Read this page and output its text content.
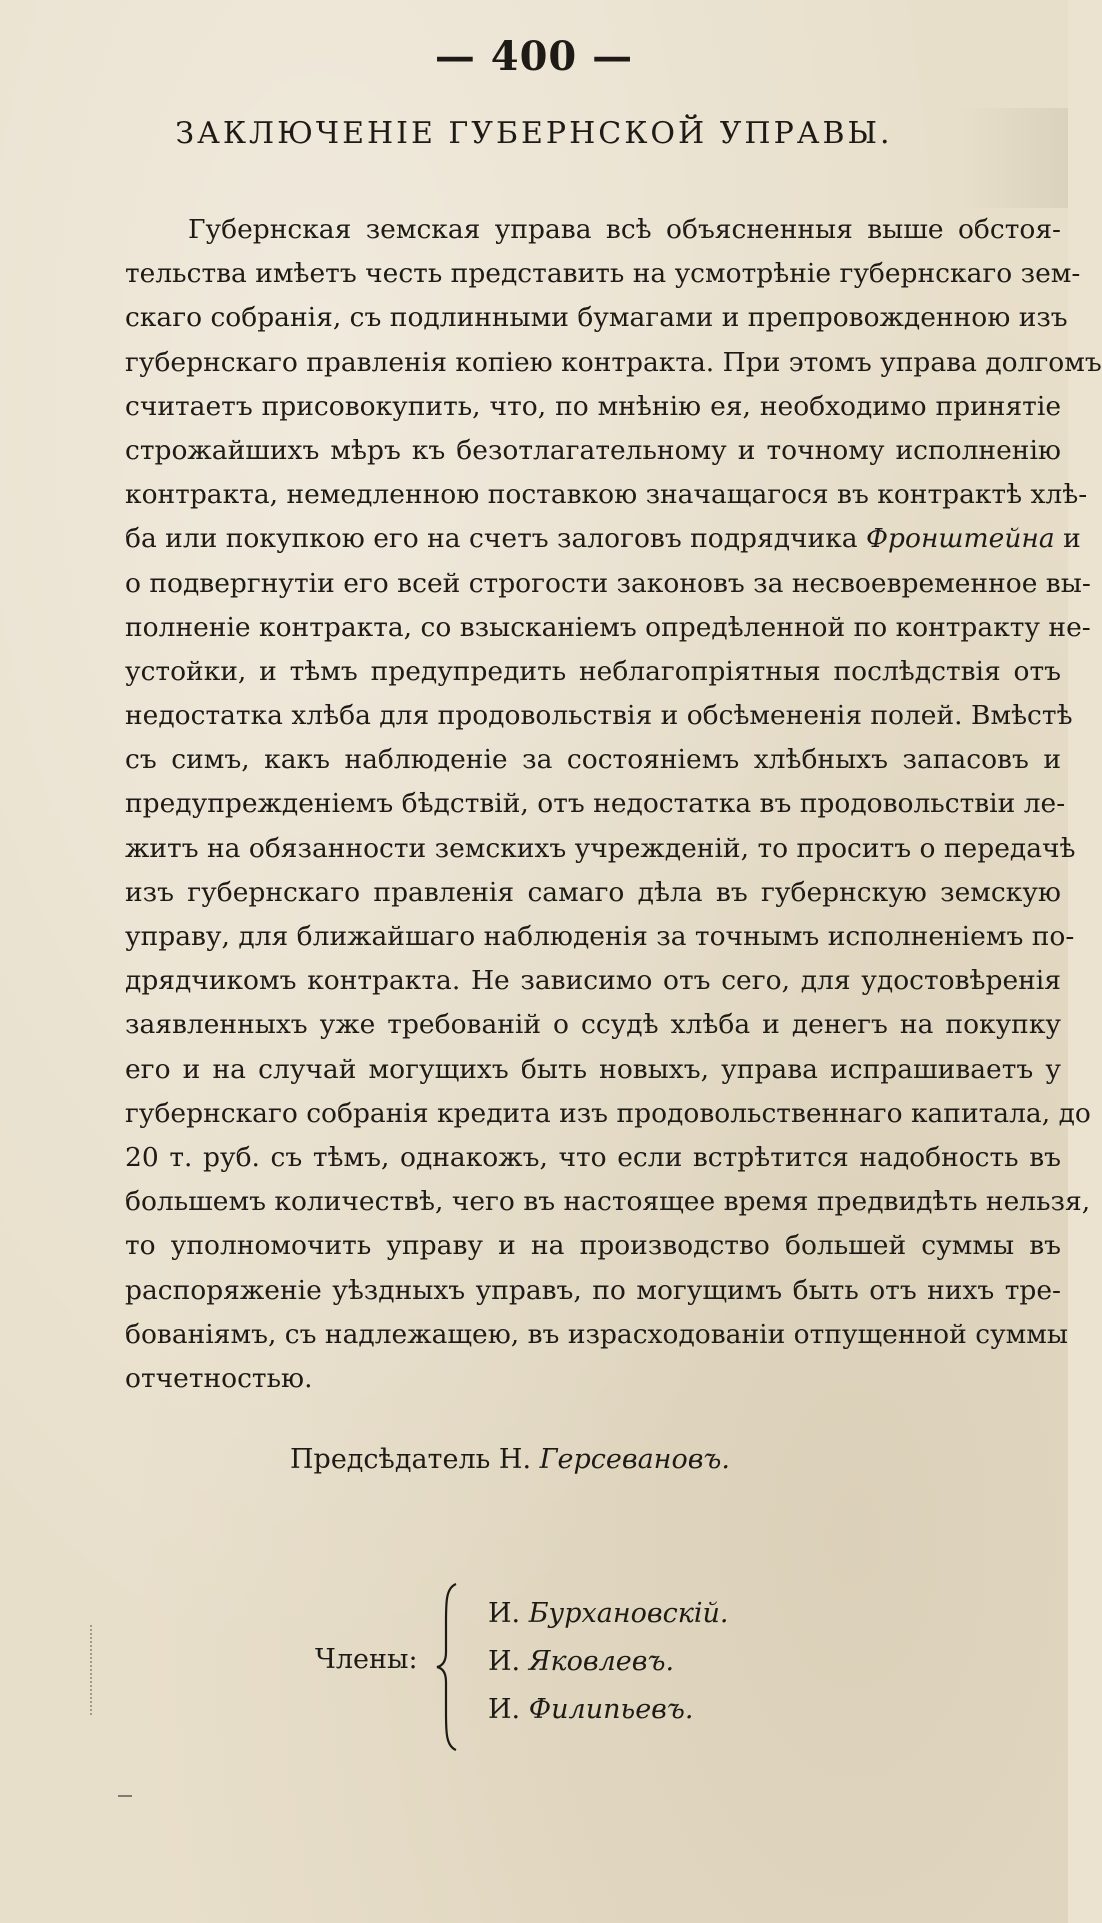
— 400 —
ЗАКЛЮЧЕНІЕ ГУБЕРНСКОЙ УПРАВЫ.
Губернская земская управа всѣ объясненныя выше обстоя-
тельства имѣетъ честь представить на усмотрѣніе губернскаго зем-
скаго собранія, съ подлинными бумагами и препровожденною изъ
губернскаго правленія копіею контракта. При этомъ управа долгомъ
считаетъ присовокупить, что, по мнѣнію ея, необходимо принятіе
строжайшихъ мѣръ къ безотлагательному и точному исполненію
контракта, немедленною поставкою значащагося въ контрактѣ хлѣ-
ба или покупкою его на счетъ залоговъ подрядчика Фронштейна и
о подвергнутіи его всей строгости законовъ за несвоевременное вы-
полненіе контракта, со взысканіемъ опредѣленной по контракту не-
устойки, и тѣмъ предупредить неблагопріятныя послѣдствія отъ
недостатка хлѣба для продовольствія и обсѣмененія полей. Вмѣстѣ
съ симъ, какъ наблюденіе за состояніемъ хлѣбныхъ запасовъ и
предупрежденіемъ бѣдствій, отъ недостатка въ продовольствіи ле-
житъ на обязанности земскихъ учрежденій, то проситъ о передачѣ
изъ губернскаго правленія самаго дѣла въ губернскую земскую
управу, для ближайшаго наблюденія за точнымъ исполненіемъ по-
дрядчикомъ контракта. Не зависимо отъ сего, для удостовѣренія
заявленныхъ уже требованій о ссудѣ хлѣба и денегъ на покупку
его и на случай могущихъ быть новыхъ, управа испрашиваетъ у
губернскаго собранія кредита изъ продовольственнаго капитала, до
20 т. руб. съ тѣмъ, однакожъ, что если встрѣтится надобность въ
большемъ количествѣ, чего въ настоящее время предвидѣть нельзя,
то уполномочить управу и на производство большей суммы въ
распоряженіе уѣздныхъ управъ, по могущимъ быть отъ нихъ тре-
бованіямъ, съ надлежащею, въ израсходованіи отпущенной суммы
отчетностью.
Предсѣдатель Н. Герсевановъ.
Члены:
И. Бурхановскій.
И. Яковлевъ.
И. Филипьевъ.
